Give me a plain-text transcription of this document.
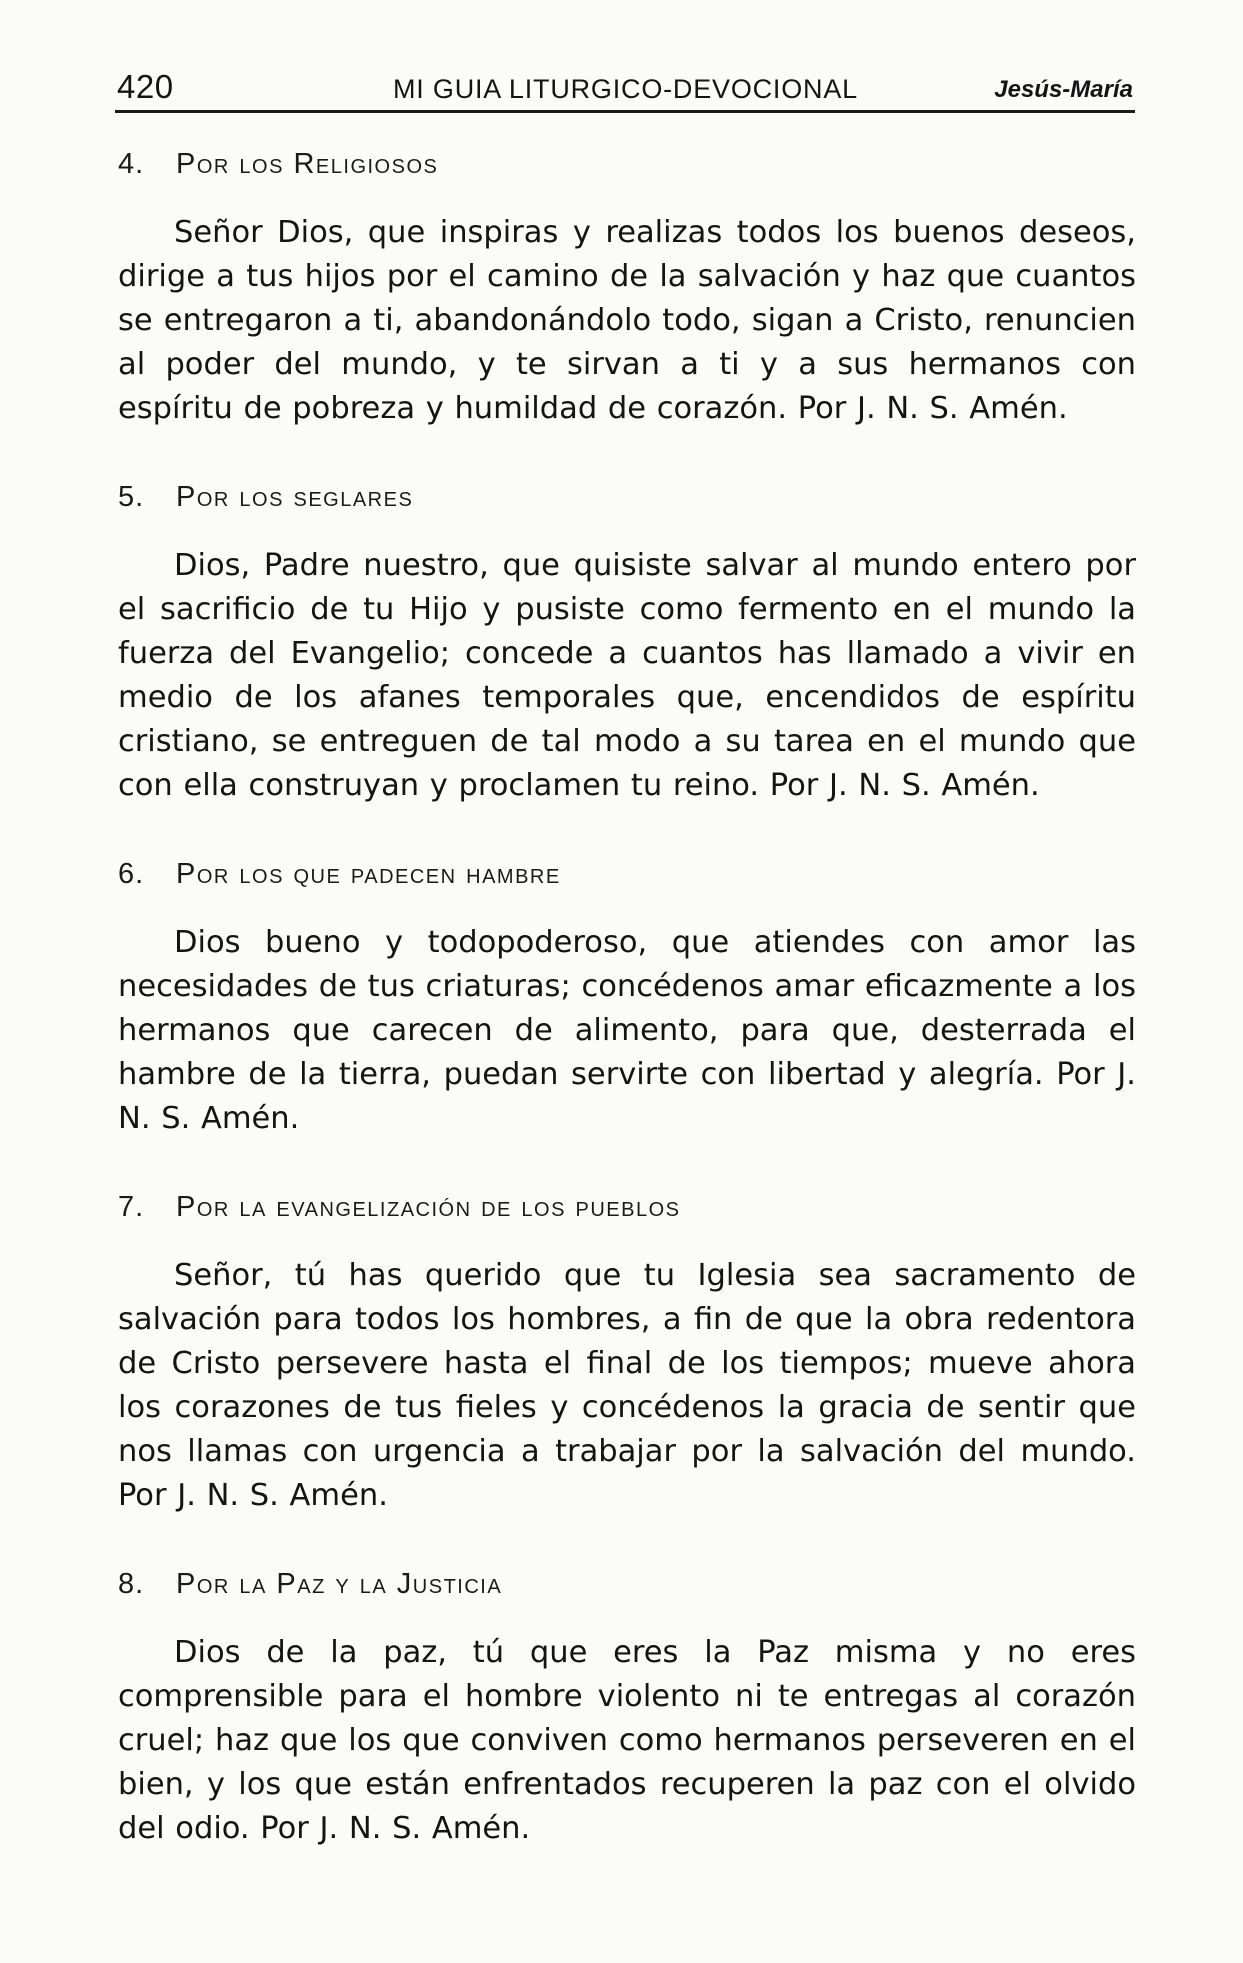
420	MI GUIA LITURGICO-DEVOCIONAL	Jesús-María

4. Por los Religiosos

Señor Dios, que inspiras y realizas todos los buenos deseos, dirige a tus hijos por el camino de la salvación y haz que cuantos se entregaron a ti, abandonándolo todo, sigan a Cristo, renuncien al poder del mundo, y te sirvan a ti y a sus hermanos con espíritu de pobreza y humildad de corazón. Por J. N. S. Amén.

5. Por los seglares

Dios, Padre nuestro, que quisiste salvar al mundo entero por el sacrificio de tu Hijo y pusiste como fermento en el mundo la fuerza del Evangelio; concede a cuantos has llamado a vivir en medio de los afanes temporales que, encendidos de espíritu cristiano, se entreguen de tal modo a su tarea en el mundo que con ella construyan y proclamen tu reino. Por J. N. S. Amén.

6. Por los que padecen hambre

Dios bueno y todopoderoso, que atiendes con amor las necesidades de tus criaturas; concédenos amar eficazmente a los hermanos que carecen de alimento, para que, desterrada el hambre de la tierra, puedan servirte con libertad y alegría. Por J. N. S. Amén.

7. Por la evangelización de los pueblos

Señor, tú has querido que tu Iglesia sea sacramento de salvación para todos los hombres, a fin de que la obra redentora de Cristo persevere hasta el final de los tiempos; mueve ahora los corazones de tus fieles y concédenos la gracia de sentir que nos llamas con urgencia a trabajar por la salvación del mundo. Por J. N. S. Amén.

8. Por la Paz y la Justicia

Dios de la paz, tú que eres la Paz misma y no eres comprensible para el hombre violento ni te entregas al corazón cruel; haz que los que conviven como hermanos perseveren en el bien, y los que están enfrentados recuperen la paz con el olvido del odio. Por J. N. S. Amén.
